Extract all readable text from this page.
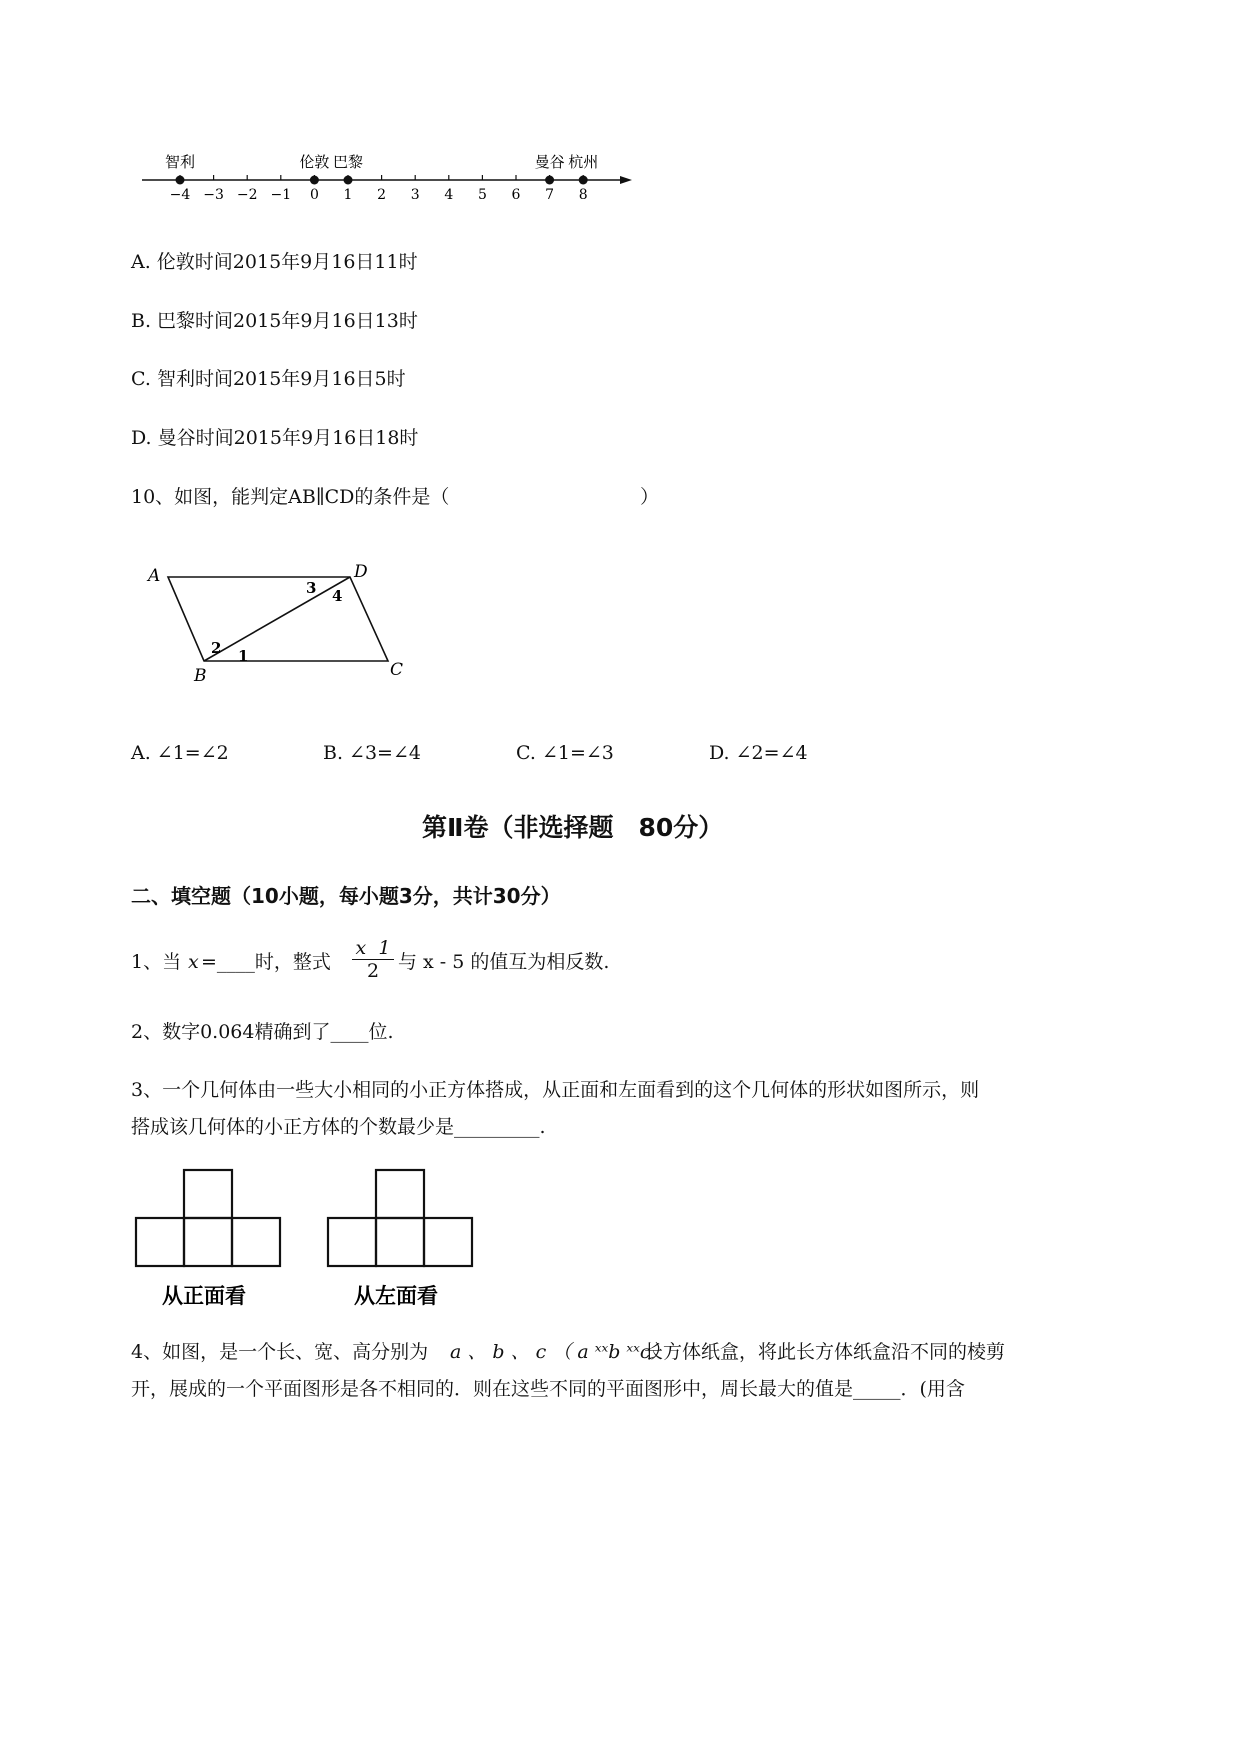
−4 −3 −2 −1 0 1 2 3 4 5 6 7 8
智利	伦敦 巴黎	曼谷 杭州
A. 伦敦时间2015年9月16日11时
B. 巴黎时间2015年9月16日13时
C. 智利时间2015年9月16日5时
D. 曼谷时间2015年9月16日18时
10、如图，能判定AB∥CD的条件是（	）
A	D
B	C
1
2
3 4
A. ∠1=∠2	B. ∠3=∠4	C. ∠1=∠3	D. ∠2=∠4
第Ⅱ卷（非选择题　80分）
二、填空题（10小题，每小题3分，共计30分）
1、当 x =____时，整式
x  1
2 与 x - 5 的值互为相反数.
2、数字0.064精确到了____位.
3、一个几何体由一些大小相同的小正方体搭成，从正面和左面看到的这个几何体的形状如图所示，则
搭成该几何体的小正方体的个数最少是_________.
从正面看	从左面看
4、如图，是一个长、宽、高分别为 a 、 b 、 c （ a ˣˣb ˣˣc）
长方体纸盒，将此长方体纸盒沿不同的棱剪
开，展成的一个平面图形是各不相同的．则在这些不同的平面图形中，周长最大的值是_____．(用含
